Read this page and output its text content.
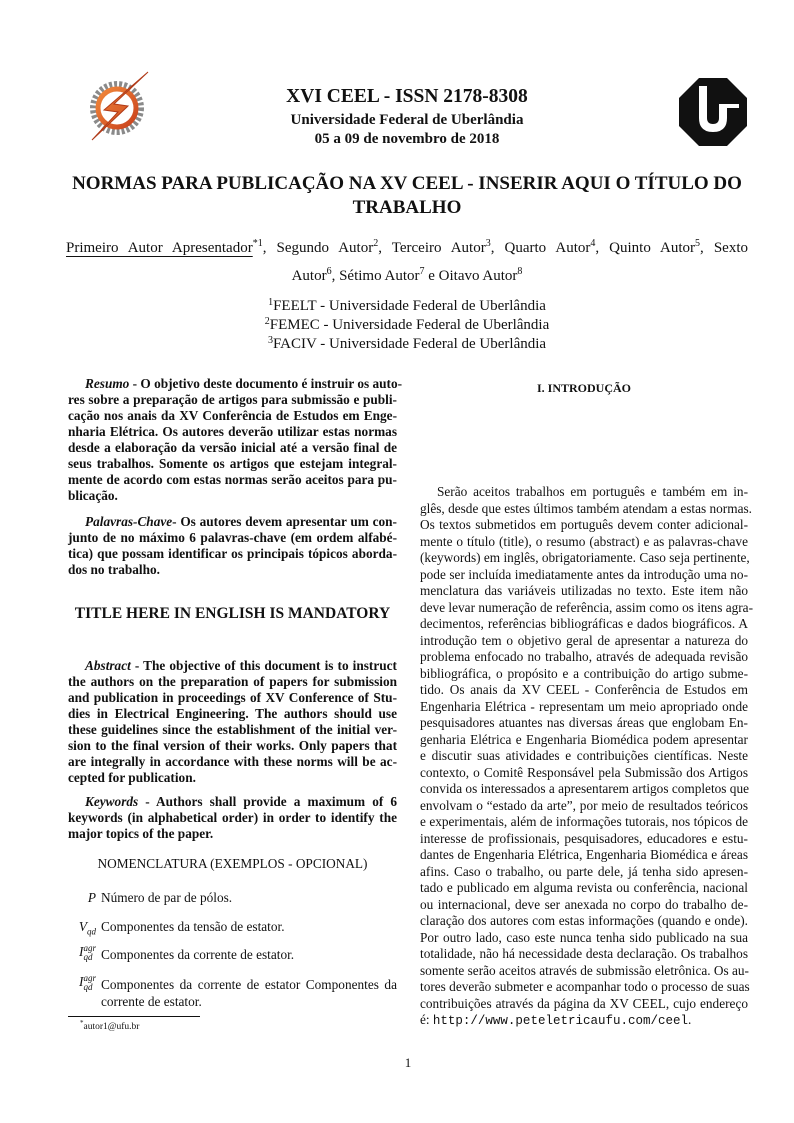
XVI CEEL - ISSN 2178-8308
Universidade Federal de Uberlândia
05 a 09 de novembro de 2018
NORMAS PARA PUBLICAÇÃO NA XV CEEL - INSERIR AQUI O TÍTULO DO
TRABALHO
Primeiro Autor Apresentador$^{*1}$, Segundo Autor$^2$, Terceiro Autor$^3$, Quarto Autor$^4$, Quinto Autor$^5$, Sexto
Autor$^6$, Sétimo Autor$^7$ e Oitavo Autor$^8$
$^1$FEELT - Universidade Federal de Uberlândia
$^2$FEMEC - Universidade Federal de Uberlândia
$^3$FACIV - Universidade Federal de Uberlândia
Resumo - O objetivo deste documento é instruir os auto-
res sobre a preparação de artigos para submissão e publi-
cação nos anais da XV Conferência de Estudos em Enge-
nharia Elétrica. Os autores deverão utilizar estas normas
desde a elaboração da versão inicial até a versão final de
seus trabalhos. Somente os artigos que estejam integral-
mente de acordo com estas normas serão aceitos para pu-
blicação.
Palavras-Chave- Os autores devem apresentar um con-
junto de no máximo 6 palavras-chave (em ordem alfabé-
tica) que possam identificar os principais tópicos aborda-
dos no trabalho.
TITLE HERE IN ENGLISH IS MANDATORY
Abstract - The objective of this document is to instruct
the authors on the preparation of papers for submission
and publication in proceedings of XV Conference of Stu-
dies in Electrical Engineering. The authors should use
these guidelines since the establishment of the initial ver-
sion to the final version of their works. Only papers that
are integrally in accordance with these norms will be ac-
cepted for publication.
Keywords - Authors shall provide a maximum of 6
keywords (in alphabetical order) in order to identify the
major topics of the paper.
NOMENCLATURA (EXEMPLOS - OPCIONAL)
P Número de par de pólos.
$V_{qd}$ Componentes da tensão de estator.
Iagr
qd Componentes da corrente de estator.
Iagr
qd Componentes da corrente de estator Componentes da
corrente de estator.
*autor1@ufu.br
I. INTRODUÇÃO
Serão aceitos trabalhos em português e também em in-
glês, desde que estes últimos também atendam a estas normas.
Os textos submetidos em português devem conter adicional-
mente o título (title), o resumo (abstract) e as palavras-chave
(keywords) em inglês, obrigatoriamente. Caso seja pertinente,
pode ser incluída imediatamente antes da introdução uma no-
menclatura das variáveis utilizadas no texto. Este item não
deve levar numeração de referência, assim como os itens agra-
decimentos, referências bibliográficas e dados biográficos. A
introdução tem o objetivo geral de apresentar a natureza do
problema enfocado no trabalho, através de adequada revisão
bibliográfica, o propósito e a contribuição do artigo subme-
tido. Os anais da XV CEEL - Conferência de Estudos em
Engenharia Elétrica - representam um meio apropriado onde
pesquisadores atuantes nas diversas áreas que englobam En-
genharia Elétrica e Engenharia Biomédica podem apresentar
e discutir suas atividades e contribuições científicas. Neste
contexto, o Comitê Responsável pela Submissão dos Artigos
convida os interessados a apresentarem artigos completos que
envolvam o “estado da arte”, por meio de resultados teóricos
e experimentais, além de informações tutorais, nos tópicos de
interesse de profissionais, pesquisadores, educadores e estu-
dantes de Engenharia Elétrica, Engenharia Biomédica e áreas
afins. Caso o trabalho, ou parte dele, já tenha sido apresen-
tado e publicado em alguma revista ou conferência, nacional
ou internacional, deve ser anexada no corpo do trabalho de-
claração dos autores com estas informações (quando e onde).
Por outro lado, caso este nunca tenha sido publicado na sua
totalidade, não há necessidade desta declaração. Os trabalhos
somente serão aceitos através de submissão eletrônica. Os au-
tores deverão submeter e acompanhar todo o processo de suas
contribuições através da página da XV CEEL, cujo endereço
é: http://www.peteletricaufu.com/ceel.
1
